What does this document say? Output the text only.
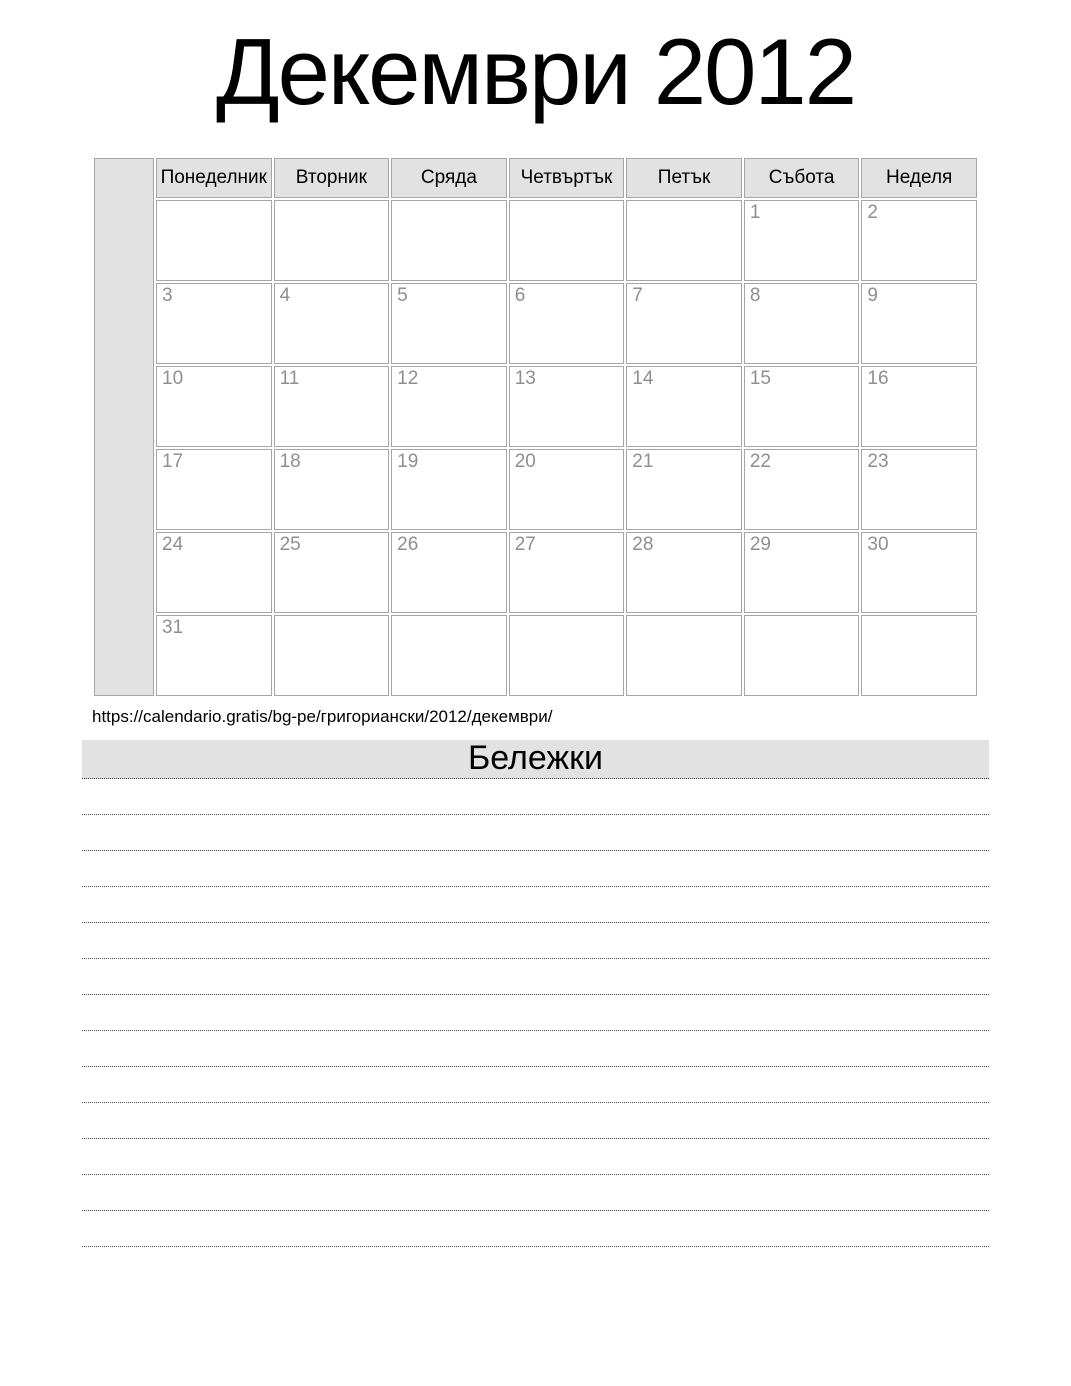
Декември 2012
	Понеделник	Вторник	Сряда	Четвъртък	Петък	Събота	Неделя
						1	2
	3	4	5	6	7	8	9
	10	11	12	13	14	15	16
	17	18	19	20	21	22	23
	24	25	26	27	28	29	30
	31						
https://calendario.gratis/bg-pe/григориански/2012/декември/
Бележки
